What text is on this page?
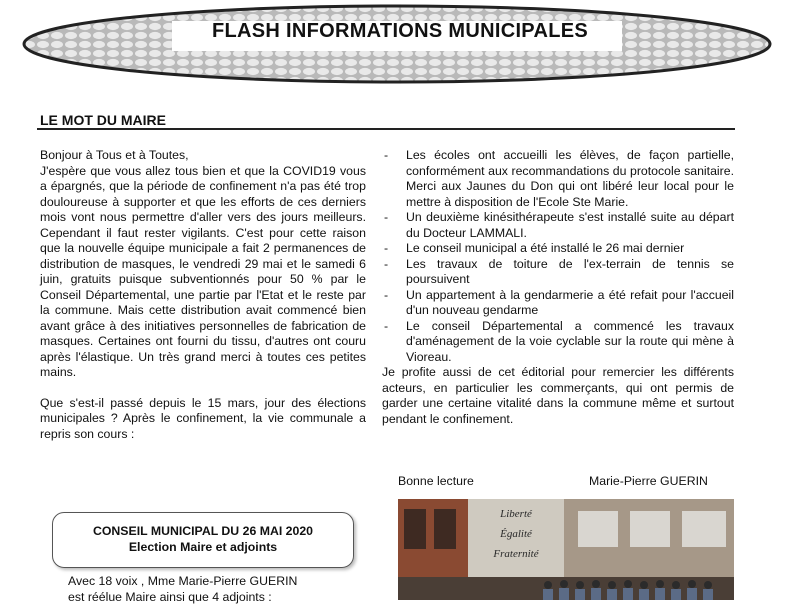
FLASH INFORMATIONS MUNICIPALES
LE MOT DU MAIRE

Bonjour à Tous et à Toutes,

J'espère que vous allez tous bien et que la COVID19 vous a épargnés, que la période de confinement n'a pas été trop douloureuse à supporter et que les efforts de ces derniers mois vont nous permettre d'aller vers des jours meilleurs. Cependant il faut rester vigilants. C'est pour cette raison que la nouvelle équipe municipale a fait 2 permanences de distribution de masques, le vendredi 29 mai et le samedi 6 juin, gratuits puisque subventionnés pour 50 % par le Conseil Départemental, une partie par l'Etat et le reste par la commune. Mais cette distribution avait commencé bien avant grâce à des initiatives personnelles de fabrication de masques. Certaines ont fourni du tissu, d'autres ont couru après l'élastique. Un très grand merci à toutes ces petites mains.

Que s'est-il passé depuis le 15 mars, jour des élections municipales ? Après le confinement, la vie communale a repris son cours :

- Les écoles ont accueilli les élèves, de façon partielle, conformément aux recommandations du protocole sanitaire. Merci aux Jaunes du Don qui ont libéré leur local pour le mettre à disposition de l'Ecole Ste Marie.
- Un deuxième kinésithérapeute s'est installé suite au départ du Docteur LAMMALI.
- Le conseil municipal a été installé le 26 mai dernier
- Les travaux de toiture de l'ex-terrain de tennis se poursuivent
- Un appartement à la gendarmerie a été refait pour l'accueil d'un nouveau gendarme
- Le conseil Départemental a commencé les travaux d'aménagement de la voie cyclable sur la route qui mène à Vioreau.

Je profite aussi de cet éditorial pour remercier les différents acteurs, en particulier les commerçants, qui ont permis de garder une certaine vitalité dans la commune même et surtout pendant le confinement.

Bonne lecture	Marie-Pierre GUERIN
CONSEIL MUNICIPAL DU 26 MAI 2020
Election Maire et adjoints
Avec 18 voix , Mme Marie-Pierre GUERIN
est réélue Maire ainsi que 4 adjoints :
Liberté
Égalité
Fraternité
